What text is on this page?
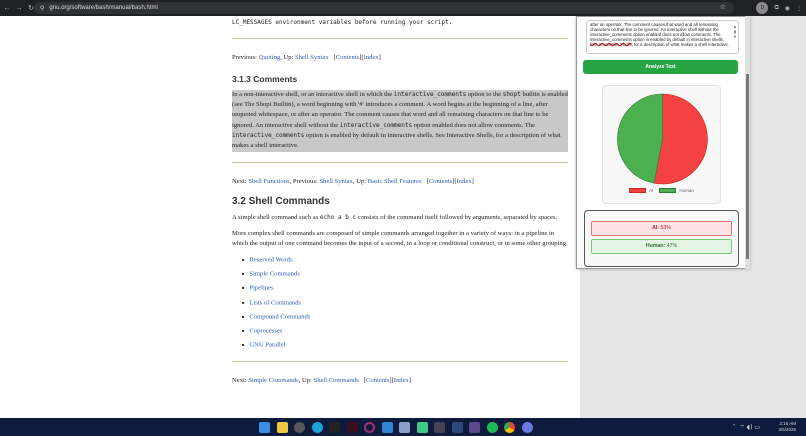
← → ↻	⚲ gnu.org/software/bash/manual/bash.html	☆	D	⧉ ◉ ⋮

LC_MESSAGES environment variables before running your script.

Previous: Quoting, Up: Shell Syntax   [Contents][Index]

3.1.3 Comments

In a non-interactive shell, or an interactive shell in which the interactive_comments option to the shopt builtin is enabled (see The Shopt Builtin), a word beginning with '#' introduces a comment. A word begins at the beginning of a line, after unquoted whitespace, or after an operator. The comment causes that word and all remaining characters on that line to be ignored. An interactive shell without the interactive_comments option enabled does not allow comments. The interactive_comments option is enabled by default in interactive shells. See Interactive Shells, for a description of what makes a shell interactive.

Next: Shell Functions, Previous: Shell Syntax, Up: Basic Shell Features   [Contents][Index]

3.2 Shell Commands

A simple shell command such as echo a b c consists of the command itself followed by arguments, separated by spaces.

More complex shell commands are composed of simple commands arranged together in a variety of ways: in a pipeline in which the output of one command becomes the input of a second, in a loop or conditional construct, or in some other grouping.

■ Reserved Words
■ Simple Commands
■ Pipelines
■ Lists of Commands
■ Compound Commands
■ Coprocesses
■ GNU Parallel

Next: Simple Commands, Up: Shell Commands   [Contents][Index]

after an operator. The comment causes that word and all remaining characters on that line to be ignored. An interactive shell without the interactive_comments option enabled does not allow comments. The interactive_comments option is enabled by default in interactive shells. See Interactive Shells, for a description of what makes a shell interactive.
▲
▮
▼
Analyze Text
AI	Human
AI: 53%
Human: 47%
˄  ⌔ ◖) ▭
2:16 AM
3/5/2026
